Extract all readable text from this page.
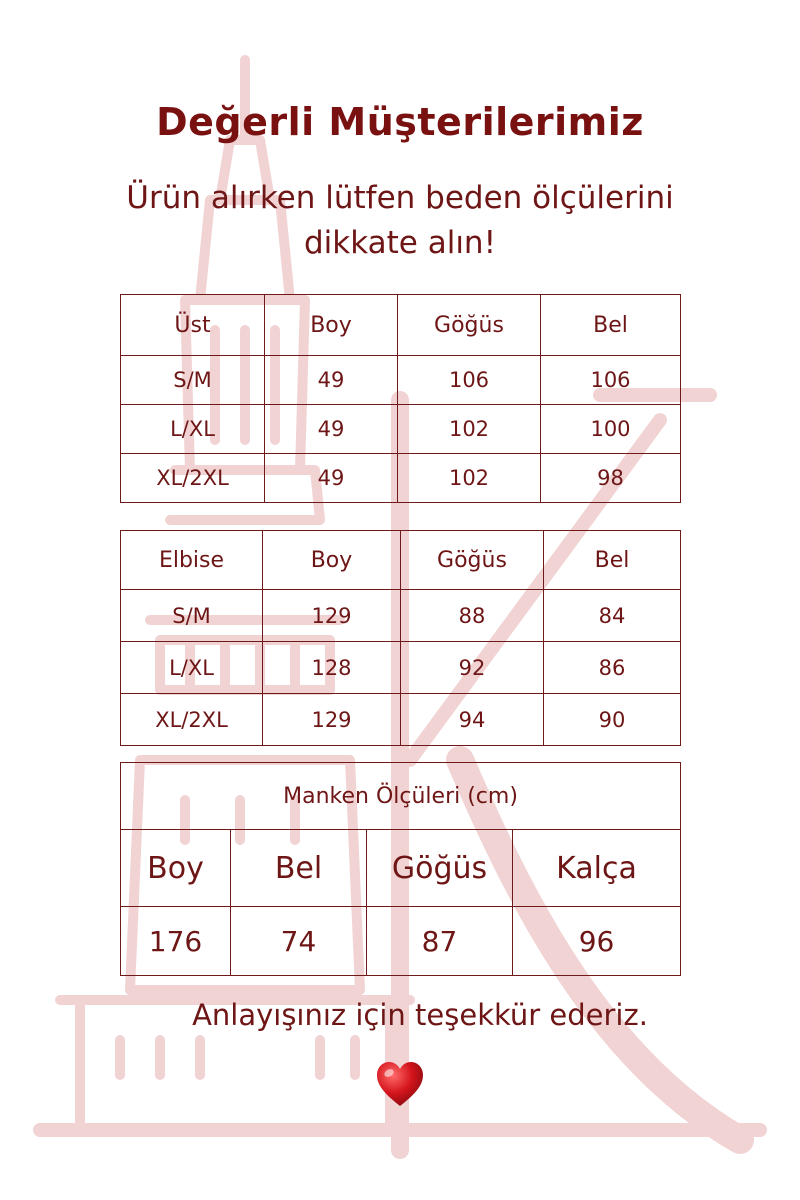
Değerli Müşterilerimiz
Ürün alırken lütfen beden ölçülerini dikkate alın!
Üst	Boy	Göğüs	Bel
S/M	49	106	106
L/XL	49	102	100
XL/2XL	49	102	98
Elbise	Boy	Göğüs	Bel
S/M	129	88	84
L/XL	128	92	86
XL/2XL	129	94	90
Manken Ölçüleri (cm)			
Boy	Bel	Göğüs	Kalça
176	74	87	96
Anlayışınız için teşekkür ederiz.
